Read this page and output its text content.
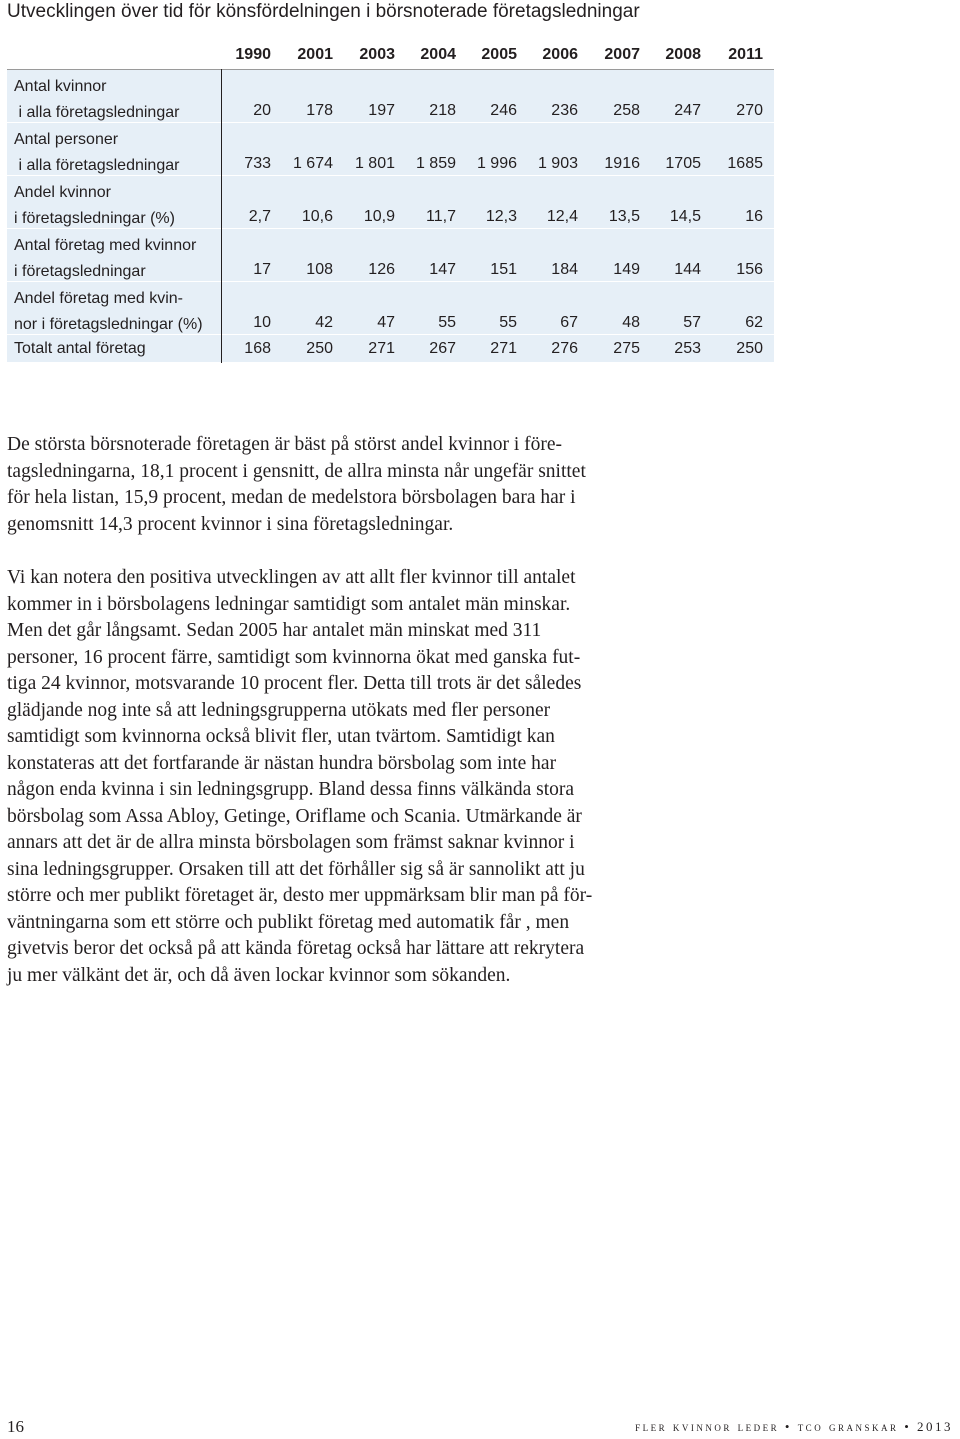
Utvecklingen över tid för könsfördelningen i börsnoterade företagsledningar
1990	2001	2003	2004	2005	2006	2007	2008	2011
Antal kvinnor
i alla företagsledningar	20	178	197	218	246	236	258	247	270
Antal personer
i alla företagsledningar	733	1 674	1 801	1 859	1 996	1 903	1916	1705	1685
Andel kvinnor
i företagsledningar (%)	2,7	10,6	10,9	11,7	12,3	12,4	13,5	14,5	16
Antal företag med kvinnor
i företagsledningar	17	108	126	147	151	184	149	144	156
Andel företag med kvin-
nor i företagsledningar (%)	10	42	47	55	55	67	48	57	62
Totalt antal företag	168	250	271	267	271	276	275	253	250

De största börsnoterade företagen är bäst på störst andel kvinnor i före-
tagsledningarna, 18,1 procent i gensnitt, de allra minsta når ungefär snittet
för hela listan, 15,9 procent, medan de medelstora börsbolagen bara har i
genomsnitt 14,3 procent kvinnor i sina företagsledningar.

Vi kan notera den positiva utvecklingen av att allt fler kvinnor till antalet
kommer in i börsbolagens ledningar samtidigt som antalet män minskar.
Men det går långsamt. Sedan 2005 har antalet män minskat med 311
personer, 16 procent färre, samtidigt som kvinnorna ökat med ganska fut-
tiga 24 kvinnor, motsvarande 10 procent fler. Detta till trots är det således
glädjande nog inte så att ledningsgrupperna utökats med fler personer
samtidigt som kvinnorna också blivit fler, utan tvärtom. Samtidigt kan
konstateras att det fortfarande är nästan hundra börsbolag som inte har
någon enda kvinna i sin ledningsgrupp. Bland dessa finns välkända stora
börsbolag som Assa Abloy, Getinge, Oriflame och Scania. Utmärkande är
annars att det är de allra minsta börsbolagen som främst saknar kvinnor i
sina ledningsgrupper. Orsaken till att det förhåller sig så är sannolikt att ju
större och mer publikt företaget är, desto mer uppmärksam blir man på för-
väntningarna som ett större och publikt företag med automatik får , men
givetvis beror det också på att kända företag också har lättare att rekrytera
ju mer välkänt det är, och då även lockar kvinnor som sökanden.

16	fler kvinnor leder • tco granskar • 2013
